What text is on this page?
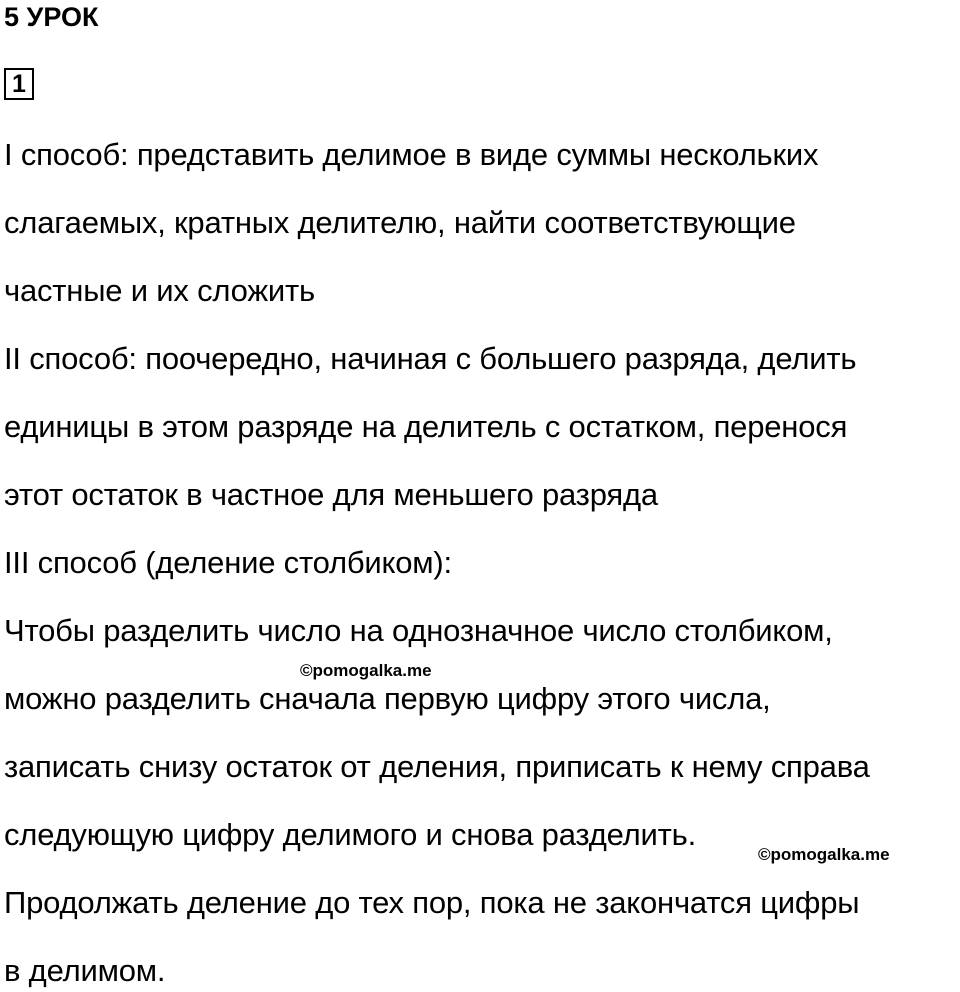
5 УРОК
1
I способ: представить делимое в виде суммы нескольких
слагаемых, кратных делителю, найти соответствующие
частные и их сложить
II способ: поочередно, начиная с большего разряда, делить
единицы в этом разряде на делитель с остатком, перенося
этот остаток в частное для меньшего разряда
III способ (деление столбиком):
Чтобы разделить число на однозначное число столбиком,
можно разделить сначала первую цифру этого числа,
записать снизу остаток от деления, приписать к нему справа
следующую цифру делимого и снова разделить.
Продолжать деление до тех пор, пока не закончатся цифры
в делимом.
©pomogalka.me
©pomogalka.me
